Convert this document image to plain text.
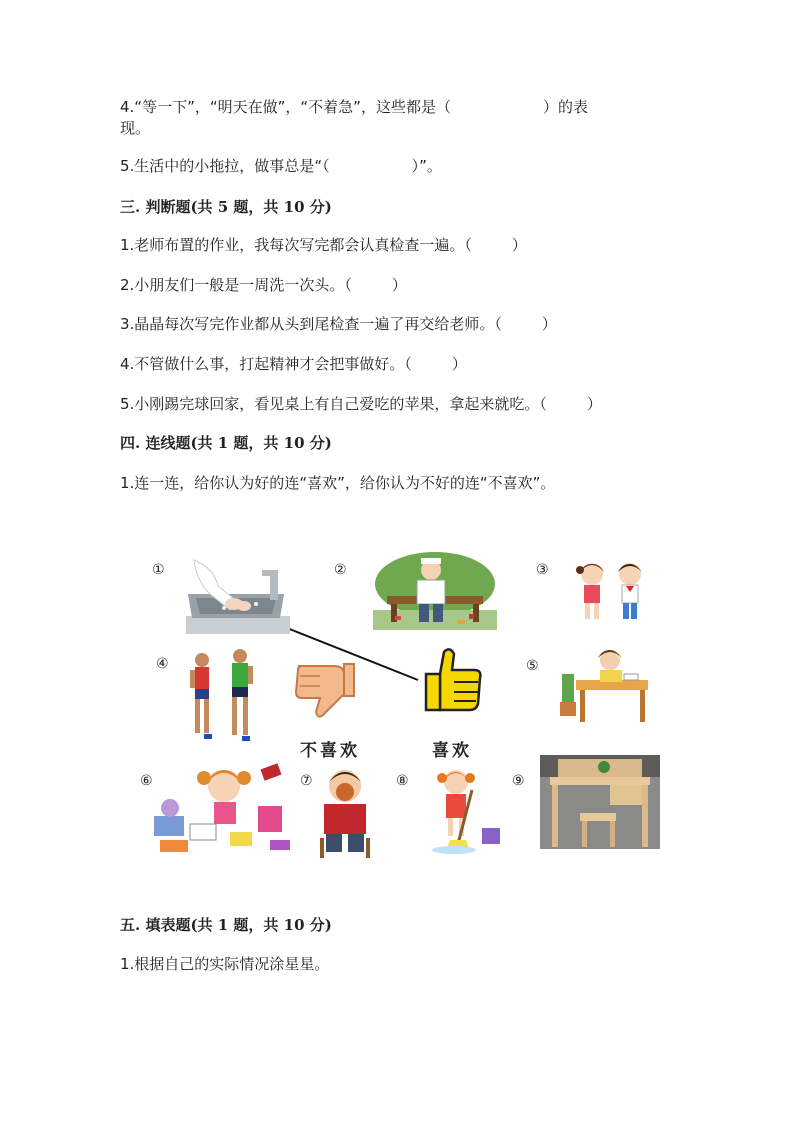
4.“等一下”，“明天在做”，“不着急”，这些都是（	）的表
现。
5.生活中的小拖拉，做事总是“（	）”。
三. 判断题(共 5 题，共 10 分)
1.老师布置的作业，我每次写完都会认真检查一遍。（	）
2.小朋友们一般是一周洗一次头。（	）
3.晶晶每次写完作业都从头到尾检查一遍了再交给老师。（	）
4.不管做什么事，打起精神才会把事做好。（	）
5.小刚踢完球回家，看见桌上有自己爱吃的苹果，拿起来就吃。（	）
四. 连线题(共 1 题，共 10 分)
1.连一连，给你认为好的连“喜欢”，给你认为不好的连“不喜欢”。
①	②	③
④	⑤
⑥	⑦	⑧	⑨
不喜欢	喜欢
五. 填表题(共 1 题，共 10 分)
1.根据自己的实际情况涂星星。
